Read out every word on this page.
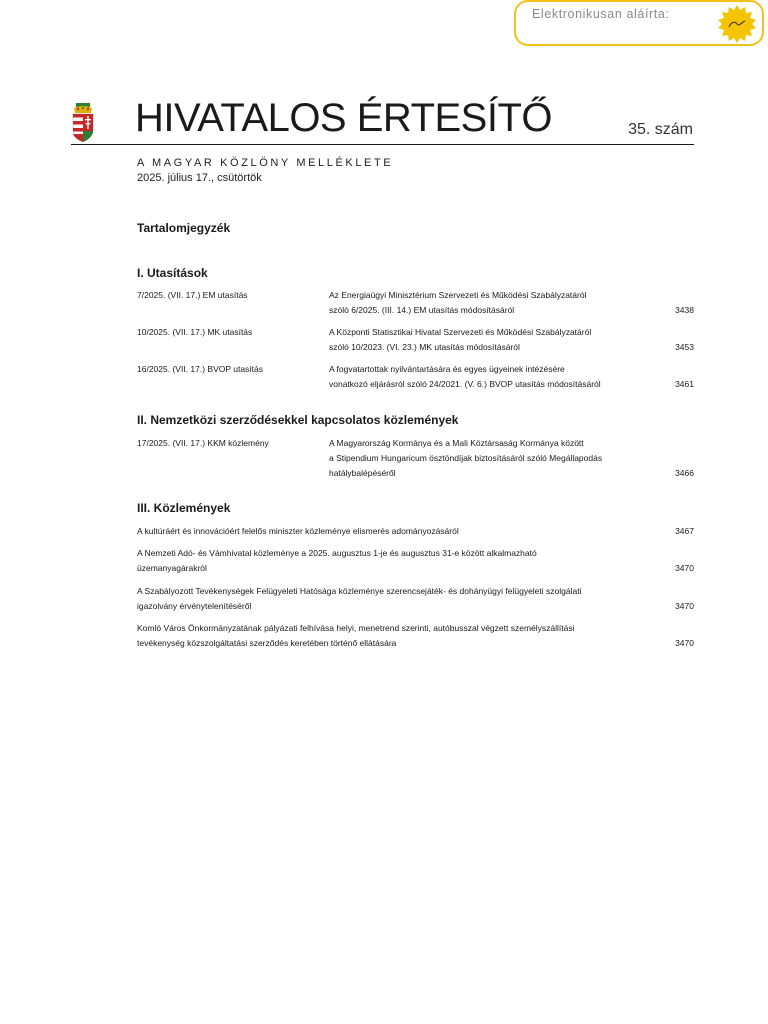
Elektronikusan aláírta:
HIVATALOS ÉRTESÍTŐ	35. szám
A MAGYAR KÖZLÖNY MELLÉKLETE
2025. július 17., csütörtök
Tartalomjegyzék
I. Utasítások
7/2025. (VII. 17.) EM utasítás	Az Energiaügyi Minisztérium Szervezeti és Működési Szabályzatáról
szóló 6/2025. (III. 14.) EM utasítás módosításáról	3438
10/2025. (VII. 17.) MK utasítás	A Központi Statisztikai Hivatal Szervezeti és Működési Szabályzatáról
szóló 10/2023. (VI. 23.) MK utasítás módosításáról	3453
16/2025. (VII. 17.) BVOP utasítás	A fogvatartottak nyilvántartására és egyes ügyeinek intézésére
vonatkozó eljárásról szóló 24/2021. (V. 6.) BVOP utasítás módosításáról	3461
II. Nemzetközi szerződésekkel kapcsolatos közlemények
17/2025. (VII. 17.) KKM közlemény	A Magyarország Kormánya és a Mali Köztársaság Kormánya között
a Stipendium Hungaricum ösztöndíjak biztosításáról szóló Megállapodás
hatálybalépéséről	3466
III. Közlemények
A kultúráért és innovációért felelős miniszter közleménye elismerés adományozásáról	3467
A Nemzeti Adó- és Vámhivatal közleménye a 2025. augusztus 1-je és augusztus 31-e között alkalmazható
üzemanyagárakról	3470
A Szabályozott Tevékenységek Felügyeleti Hatósága közleménye szerencsejáték- és dohányügyi felügyeleti szolgálati
igazolvány érvénytelenítéséről	3470
Komló Város Önkormányzatának pályázati felhívása helyi, menetrend szerinti, autóbusszal végzett személyszállítási
tevékenység közszolgáltatási szerződés keretében történő ellátására	3470
